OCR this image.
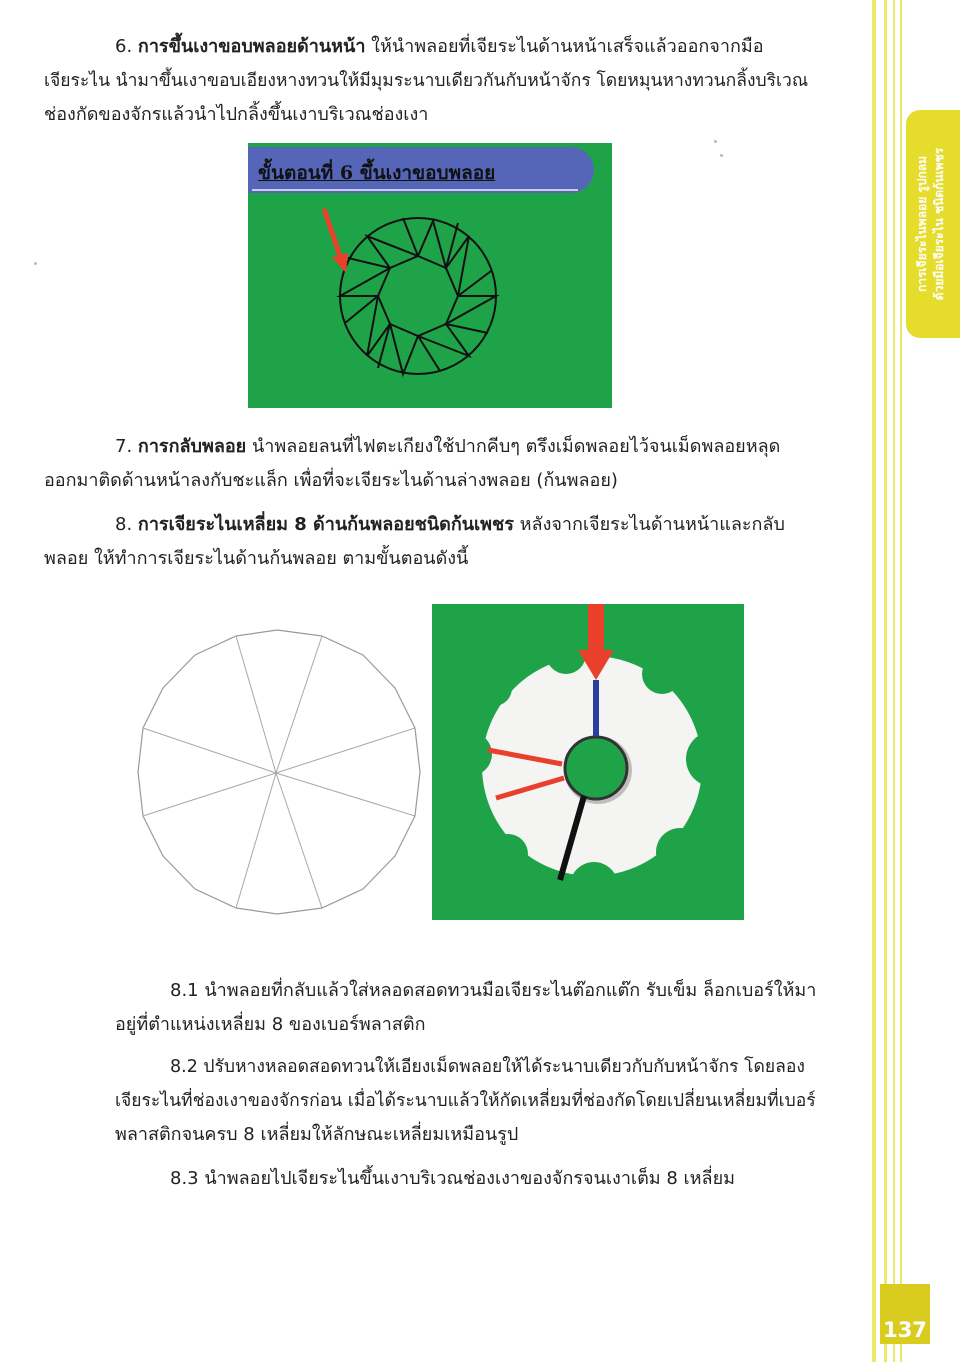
การเจียระไนพลอย รูปกลม ด้วยมือเจียระไน ชนิดก้นเพชร
137

6. การขึ้นเงาขอบพลอยด้านหน้า ให้นำพลอยที่เจียระไนด้านหน้าเสร็จแล้วออกจากมือ

เจียระไน นำมาขึ้นเงาขอบเอียงหางทวนให้มีมุมระนาบเดียวกันกับหน้าจักร โดยหมุนหางทวนกลิ้งบริเวณ

ช่องกัดของจักรแล้วนำไปกลิ้งขึ้นเงาบริเวณช่องเงา

ขั้นตอนที่ 6 ขึ้นเงาขอบพลอย

7. การกลับพลอย นำพลอยลนที่ไฟตะเกียงใช้ปากคีบๆ ตรึงเม็ดพลอยไว้จนเม็ดพลอยหลุด

ออกมาติดด้านหน้าลงกับชะแล็ก เพื่อที่จะเจียระไนด้านล่างพลอย (ก้นพลอย)

8. การเจียระไนเหลี่ยม 8 ด้านก้นพลอยชนิดก้นเพชร หลังจากเจียระไนด้านหน้าและกลับ

พลอย ให้ทำการเจียระไนด้านก้นพลอย ตามขั้นตอนดังนี้

8.1 นำพลอยที่กลับแล้วใส่หลอดสอดทวนมือเจียระไนต๊อกแต๊ก รับเข็ม ล็อกเบอร์ให้มา

อยู่ที่ตำแหน่งเหลี่ยม 8 ของเบอร์พลาสติก

8.2 ปรับหางหลอดสอดทวนให้เอียงเม็ดพลอยให้ได้ระนาบเดียวกับกับหน้าจักร โดยลอง

เจียระไนที่ช่องเงาของจักรก่อน เมื่อได้ระนาบแล้วให้กัดเหลี่ยมที่ช่องกัดโดยเปลี่ยนเหลี่ยมที่เบอร์

พลาสติกจนครบ 8 เหลี่ยมให้ลักษณะเหลี่ยมเหมือนรูป

8.3 นำพลอยไปเจียระไนขึ้นเงาบริเวณช่องเงาของจักรจนเงาเต็ม 8 เหลี่ยม
